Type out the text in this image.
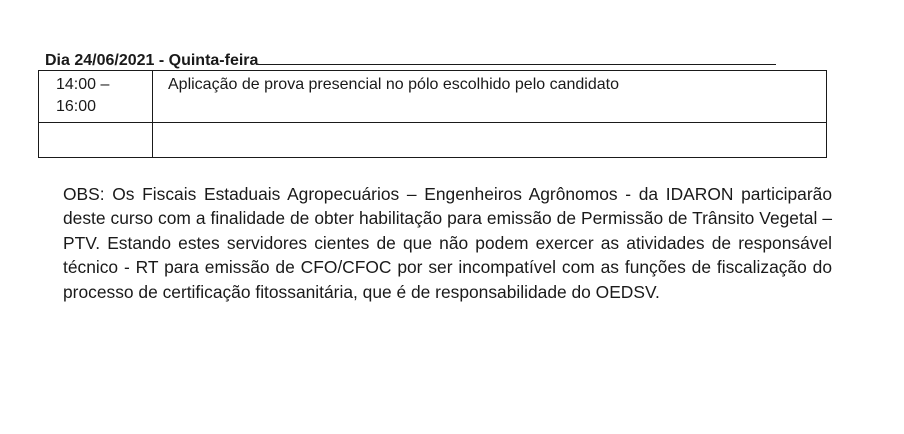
Dia 24/06/2021 - Quinta-feira
14:00 –
16:00	Aplicação de prova presencial no pólo escolhido pelo candidato

OBS: Os Fiscais Estaduais Agropecuários – Engenheiros Agrônomos - da IDARON participarão deste curso com a finalidade de obter habilitação para emissão de Permissão de Trânsito Vegetal – PTV. Estando estes servidores cientes de que não podem exercer as atividades de responsável técnico - RT para emissão de CFO/CFOC por ser incompatível com as funções de fiscalização do processo de certificação fitossanitária, que é de responsabilidade do OEDSV.
